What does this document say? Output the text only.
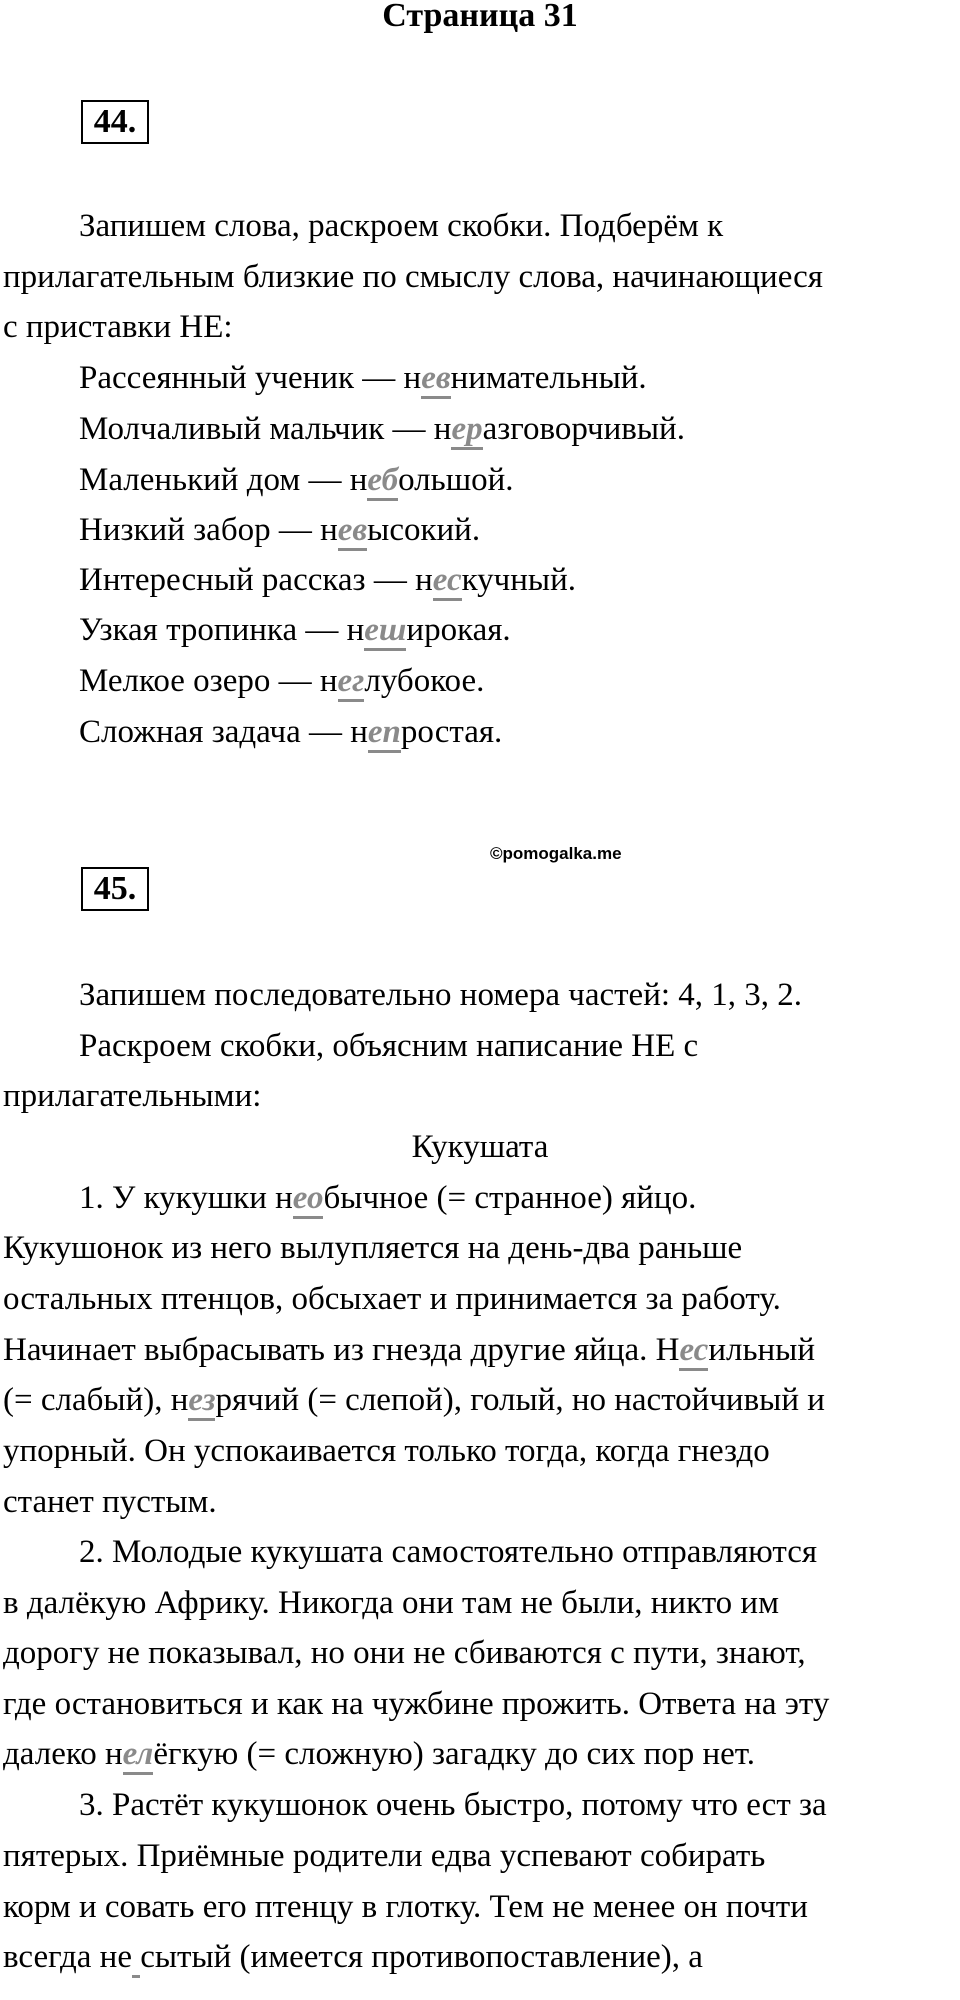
Страница 31
44.
Запишем слова, раскроем скобки. Подберём к
прилагательным близкие по смыслу слова, начинающиеся
с приставки НЕ:
Рассеянный ученик — невнимательный.
Молчаливый мальчик — неразговорчивый.
Маленький дом — небольшой.
Низкий забор — невысокий.
Интересный рассказ — нескучный.
Узкая тропинка — неширокая.
Мелкое озеро — неглубокое.
Сложная задача — непростая.
©pomogalka.me
45.
Запишем последовательно номера частей: 4, 1, 3, 2.
Раскроем скобки, объясним написание НЕ с
прилагательными:
Кукушата
1. У кукушки необычное (= странное) яйцо.
Кукушонок из него вылупляется на день-два раньше
остальных птенцов, обсыхает и принимается за работу.
Начинает выбрасывать из гнезда другие яйца. Несильный
(= слабый), незрячий (= слепой), голый, но настойчивый и
упорный. Он успокаивается только тогда, когда гнездо
станет пустым.
2. Молодые кукушата самостоятельно отправляются
в далёкую Африку. Никогда они там не были, никто им
дорогу не показывал, но они не сбиваются с пути, знают,
где остановиться и как на чужбине прожить. Ответа на эту
далеко нелёгкую (= сложную) загадку до сих пор нет.
3. Растёт кукушонок очень быстро, потому что ест за
пятерых. Приёмные родители едва успевают собирать
корм и совать его птенцу в глотку. Тем не менее он почти
всегда не сытый (имеется противопоставление), а
